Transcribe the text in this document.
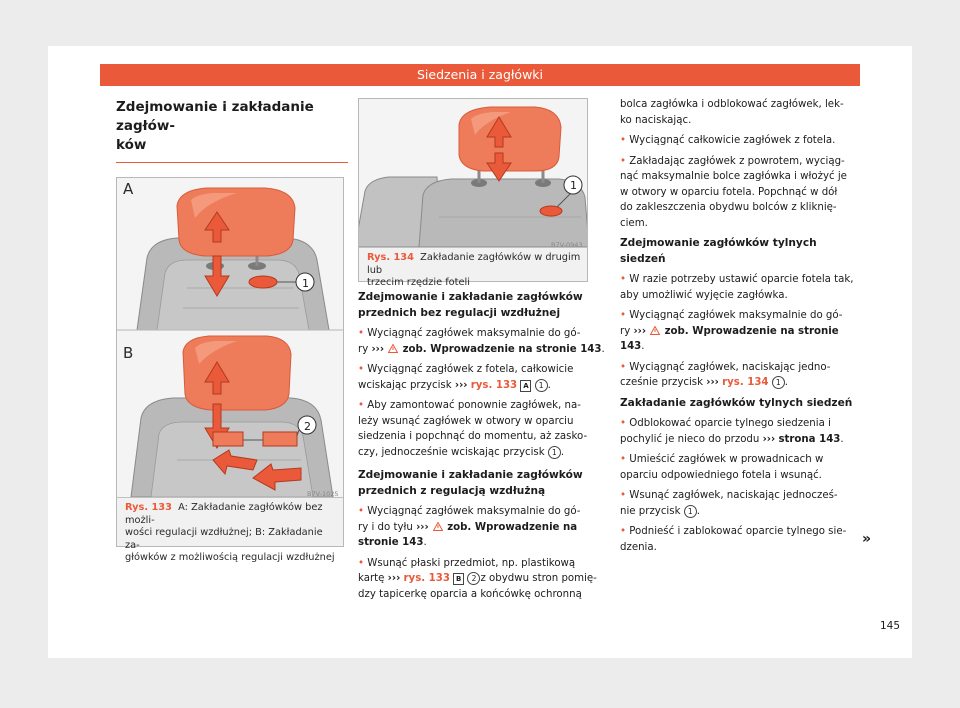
Siedzenia i zagłówki
Zdejmowanie i zakładanie zagłów-
ków
A
B
1
2
B7V-1025
Rys. 133 A: Zakładanie zagłówków bez możli-
wości regulacji wzdłużnej; B: Zakładanie za-
główków z możliwością regulacji wzdłużnej
1
B7V-0943
Rys. 134 Zakładanie zagłówków w drugim lub
trzecim rzędzie foteli
Zdejmowanie i zakładanie zagłówków
przednich bez regulacji wzdłużnej

• Wyciągnąć zagłówek maksymalnie do gó-
ry ››› zob. Wprowadzenie na stronie 143.

• Wyciągnąć zagłówek z fotela, całkowicie
wciskając przycisk ››› rys. 133 A 1 .

• Aby zamontować ponownie zagłówek, na-
leży wsunąć zagłówek w otwory w oparciu
siedzenia i popchnąć do momentu, aż zasko-
czy, jednocześnie wciskając przycisk 1 .

Zdejmowanie i zakładanie zagłówków
przednich z regulacją wzdłużną

• Wyciągnąć zagłówek maksymalnie do gó-
ry i do tyłu ››› zob. Wprowadzenie na
stronie 143.

• Wsunąć płaski przedmiot, np. plastikową
kartę ››› rys. 133 B 2 z obydwu stron pomię-
dzy tapicerkę oparcia a końcówkę ochronną

bolca zagłówka i odblokować zagłówek, lek-
ko naciskając.

• Wyciągnąć całkowicie zagłówek z fotela.

• Zakładając zagłówek z powrotem, wyciąg-
nąć maksymalnie bolce zagłówka i włożyć je
w otwory w oparciu fotela. Popchnąć w dół
do zakleszczenia obydwu bolców z kliknię-
ciem.

Zdejmowanie zagłówków tylnych siedzeń

• W razie potrzeby ustawić oparcie fotela tak,
aby umożliwić wyjęcie zagłówka.

• Wyciągnąć zagłówek maksymalnie do gó-
ry ››› zob. Wprowadzenie na stronie 143.

• Wyciągnąć zagłówek, naciskając jedno-
cześnie przycisk ››› rys. 134 1 .

Zakładanie zagłówków tylnych siedzeń

• Odblokować oparcie tylnego siedzenia i
pochylić je nieco do przodu ››› strona 143.

• Umieścić zagłówek w prowadnicach w
oparciu odpowiedniego fotela i wsunąć.

• Wsunąć zagłówek, naciskając jednocześ-
nie przycisk 1 .

• Podnieść i zablokować oparcie tylnego sie-
dzenia.	»
145
